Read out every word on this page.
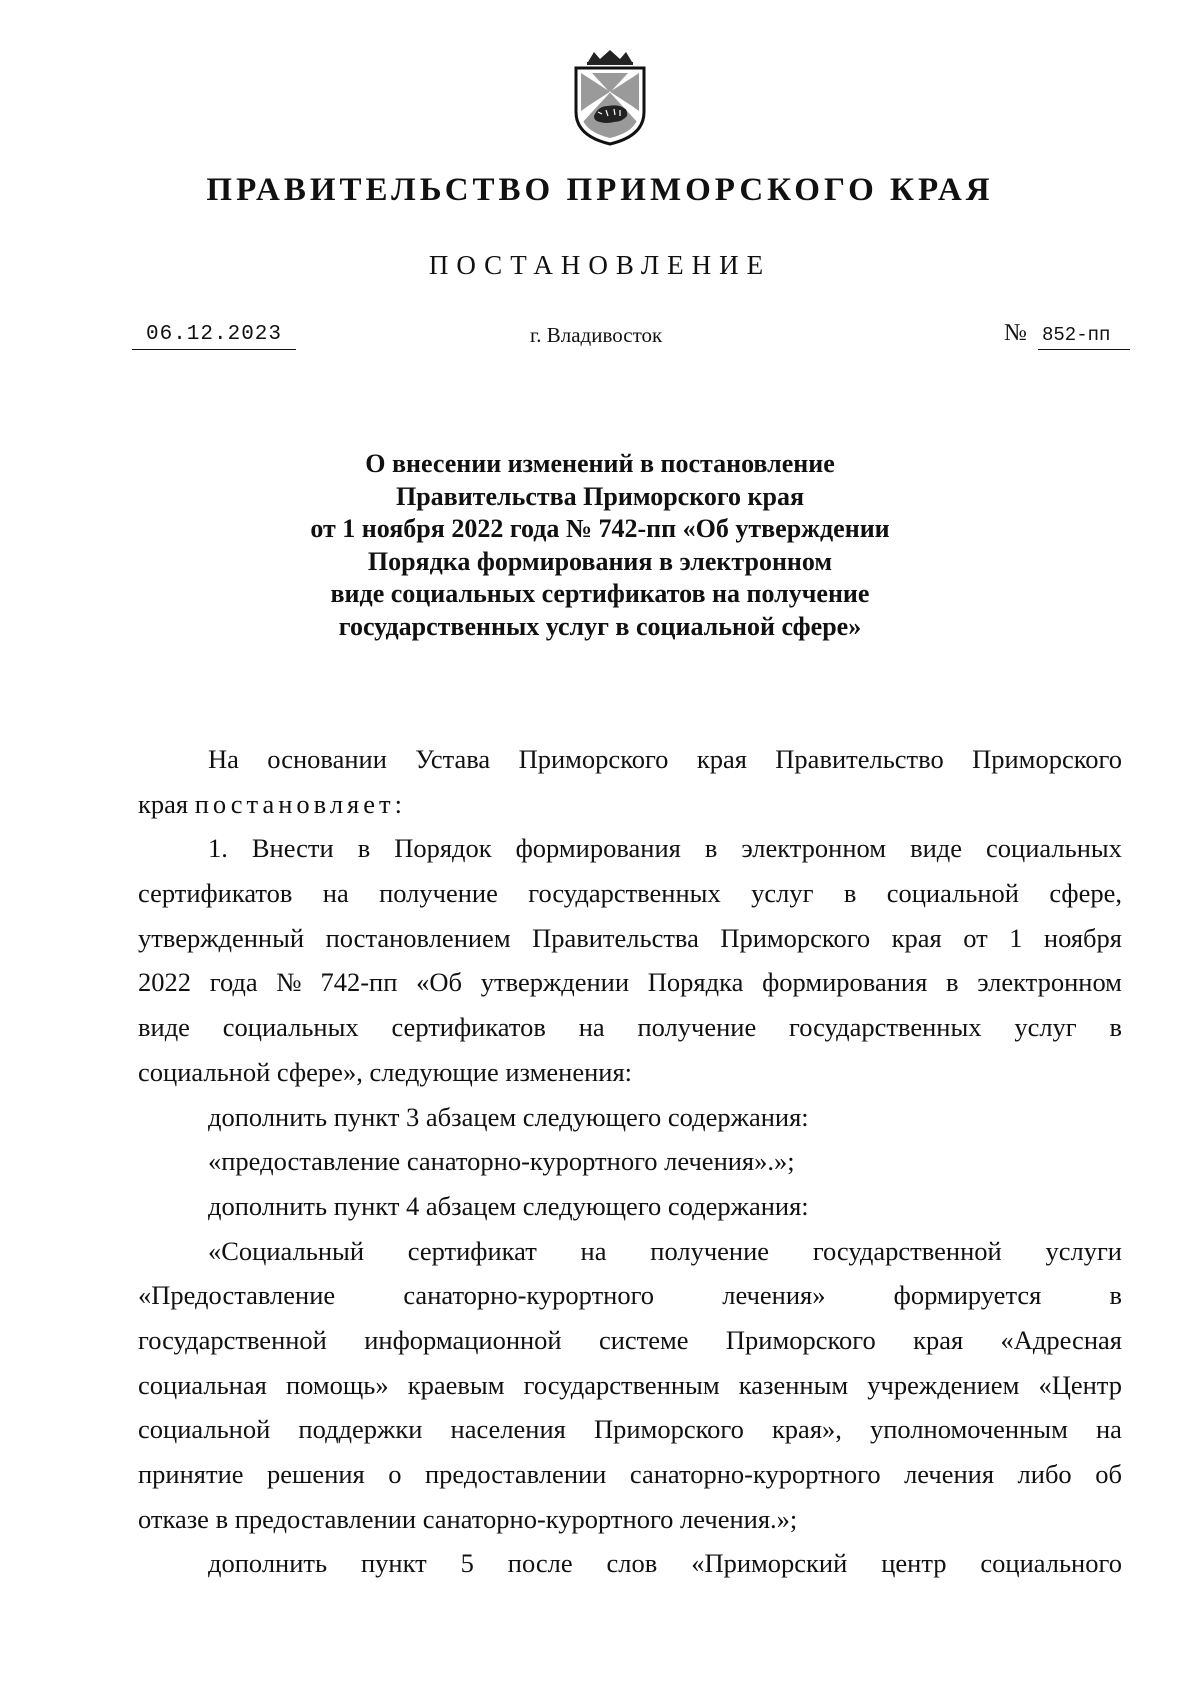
ПРАВИТЕЛЬСТВО ПРИМОРСКОГО КРАЯ
ПОСТАНОВЛЕНИЕ
06.12.2023	г. Владивосток	№ 852-пп
О внесении изменений в постановление
Правительства Приморского края
от 1 ноября 2022 года № 742-пп «Об утверждении
Порядка формирования в электронном
виде социальных сертификатов на получение
государственных услуг в социальной сфере»
На основании Устава Приморского края Правительство Приморского
края постановляет:
1. Внести в Порядок формирования в электронном виде социальных
сертификатов на получение государственных услуг в социальной сфере,
утвержденный постановлением Правительства Приморского края от 1 ноября
2022 года № 742-пп «Об утверждении Порядка формирования в электронном
виде социальных сертификатов на получение государственных услуг в
социальной сфере», следующие изменения:
дополнить пункт 3 абзацем следующего содержания:
«предоставление санаторно-курортного лечения».»;
дополнить пункт 4 абзацем следующего содержания:
«Социальный сертификат на получение государственной услуги
«Предоставление	санаторно-курортного	лечения»	формируется	в
государственной информационной системе Приморского края «Адресная
социальная помощь» краевым государственным казенным учреждением «Центр
социальной поддержки населения Приморского края», уполномоченным на
принятие решения о предоставлении санаторно-курортного лечения либо об
отказе в предоставлении санаторно-курортного лечения.»;
дополнить пункт 5 после слов «Приморский центр социального
